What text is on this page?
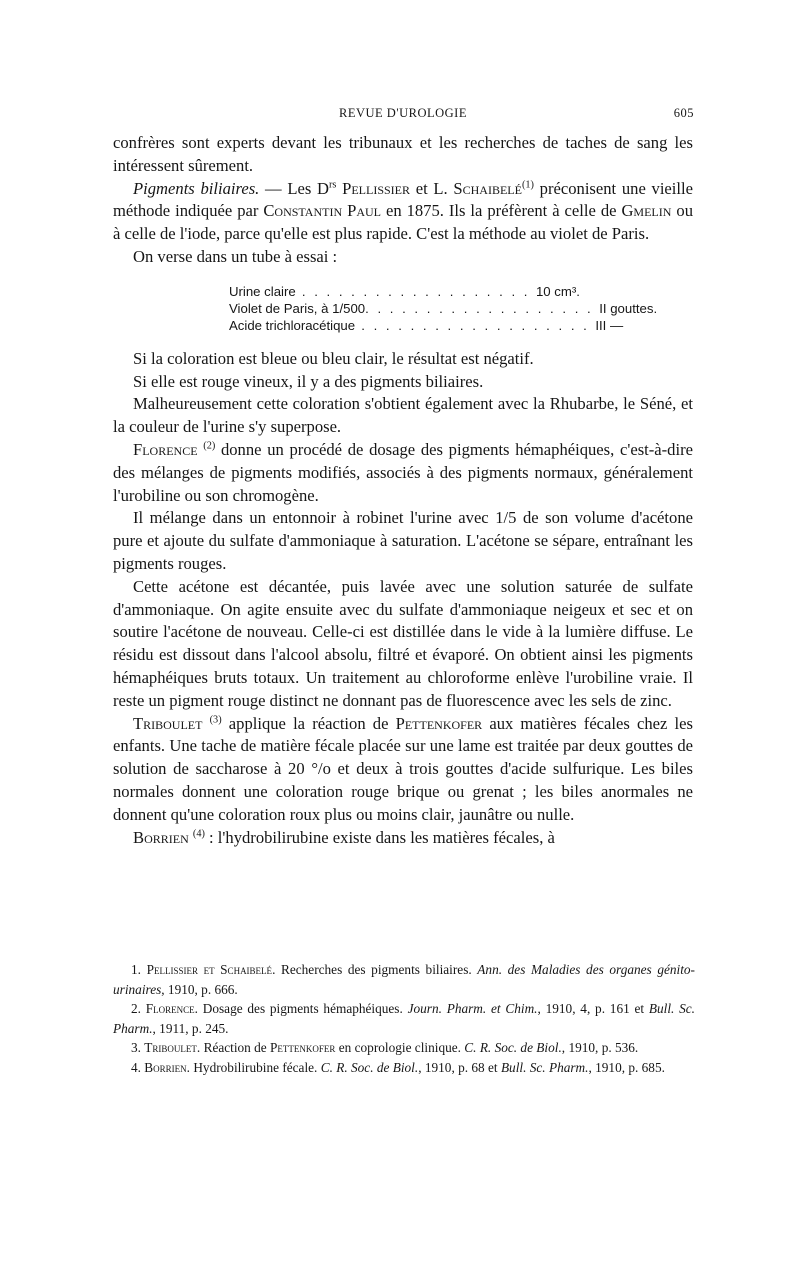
REVUE D'UROLOGIE	605

confrères sont experts devant les tribunaux et les recherches de taches de sang les intéressent sûrement.

Pigments biliaires. — Les $D^{rs}$ Pellissier et L. Schaibelé$^{(1)}$ préconisent une vieille méthode indiquée par Constantin Paul en 1875. Ils la préfèrent à celle de Gmelin ou à celle de l'iode, parce qu'elle est plus rapide. C'est la méthode au violet de Paris.

On verse dans un tube à essai :

Urine claire . . . . . . . . . . . . . . . . . . . 10 cm³.
Violet de Paris, à 1/500 . . . . . . . . . . . . . . . . . . . II gouttes.
Acide trichloracétique . . . . . . . . . . . . . . . . . . . III —

Si la coloration est bleue ou bleu clair, le résultat est négatif.

Si elle est rouge vineux, il y a des pigments biliaires.

Malheureusement cette coloration s'obtient également avec la Rhubarbe, le Séné, et la couleur de l'urine s'y superpose.

Florence $^{(2)}$ donne un procédé de dosage des pigments hémaphéiques, c'est-à-dire des mélanges de pigments modifiés, associés à des pigments normaux, généralement l'urobiline ou son chromogène.

Il mélange dans un entonnoir à robinet l'urine avec 1/5 de son volume d'acétone pure et ajoute du sulfate d'ammoniaque à saturation. L'acétone se sépare, entraînant les pigments rouges.

Cette acétone est décantée, puis lavée avec une solution saturée de sulfate d'ammoniaque. On agite ensuite avec du sulfate d'ammoniaque neigeux et sec et on soutire l'acétone de nouveau. Celle-ci est distillée dans le vide à la lumière diffuse. Le résidu est dissout dans l'alcool absolu, filtré et évaporé. On obtient ainsi les pigments hémaphéiques bruts totaux. Un traitement au chloroforme enlève l'urobiline vraie. Il reste un pigment rouge distinct ne donnant pas de fluorescence avec les sels de zinc.

Triboulet $^{(3)}$ applique la réaction de Pettenkofer aux matières fécales chez les enfants. Une tache de matière fécale placée sur une lame est traitée par deux gouttes de solution de saccharose à 20 °/o et deux à trois gouttes d'acide sulfurique. Les biles normales donnent une coloration rouge brique ou grenat ; les biles anormales ne donnent qu'une coloration roux plus ou moins clair, jaunâtre ou nulle.

Borrien $^{(4)}$ : l'hydrobilirubine existe dans les matières fécales, à

1. Pellissier et Schaibelé. Recherches des pigments biliaires. Ann. des Maladies des organes génito-urinaires, 1910, p. 666.

2. Florence. Dosage des pigments hémaphéiques. Journ. Pharm. et Chim., 1910, 4, p. 161 et Bull. Sc. Pharm., 1911, p. 245.

3. Triboulet. Réaction de Pettenkofer en coprologie clinique. C. R. Soc. de Biol., 1910, p. 536.

4. Borrien. Hydrobilirubine fécale. C. R. Soc. de Biol., 1910, p. 68 et Bull. Sc. Pharm., 1910, p. 685.
